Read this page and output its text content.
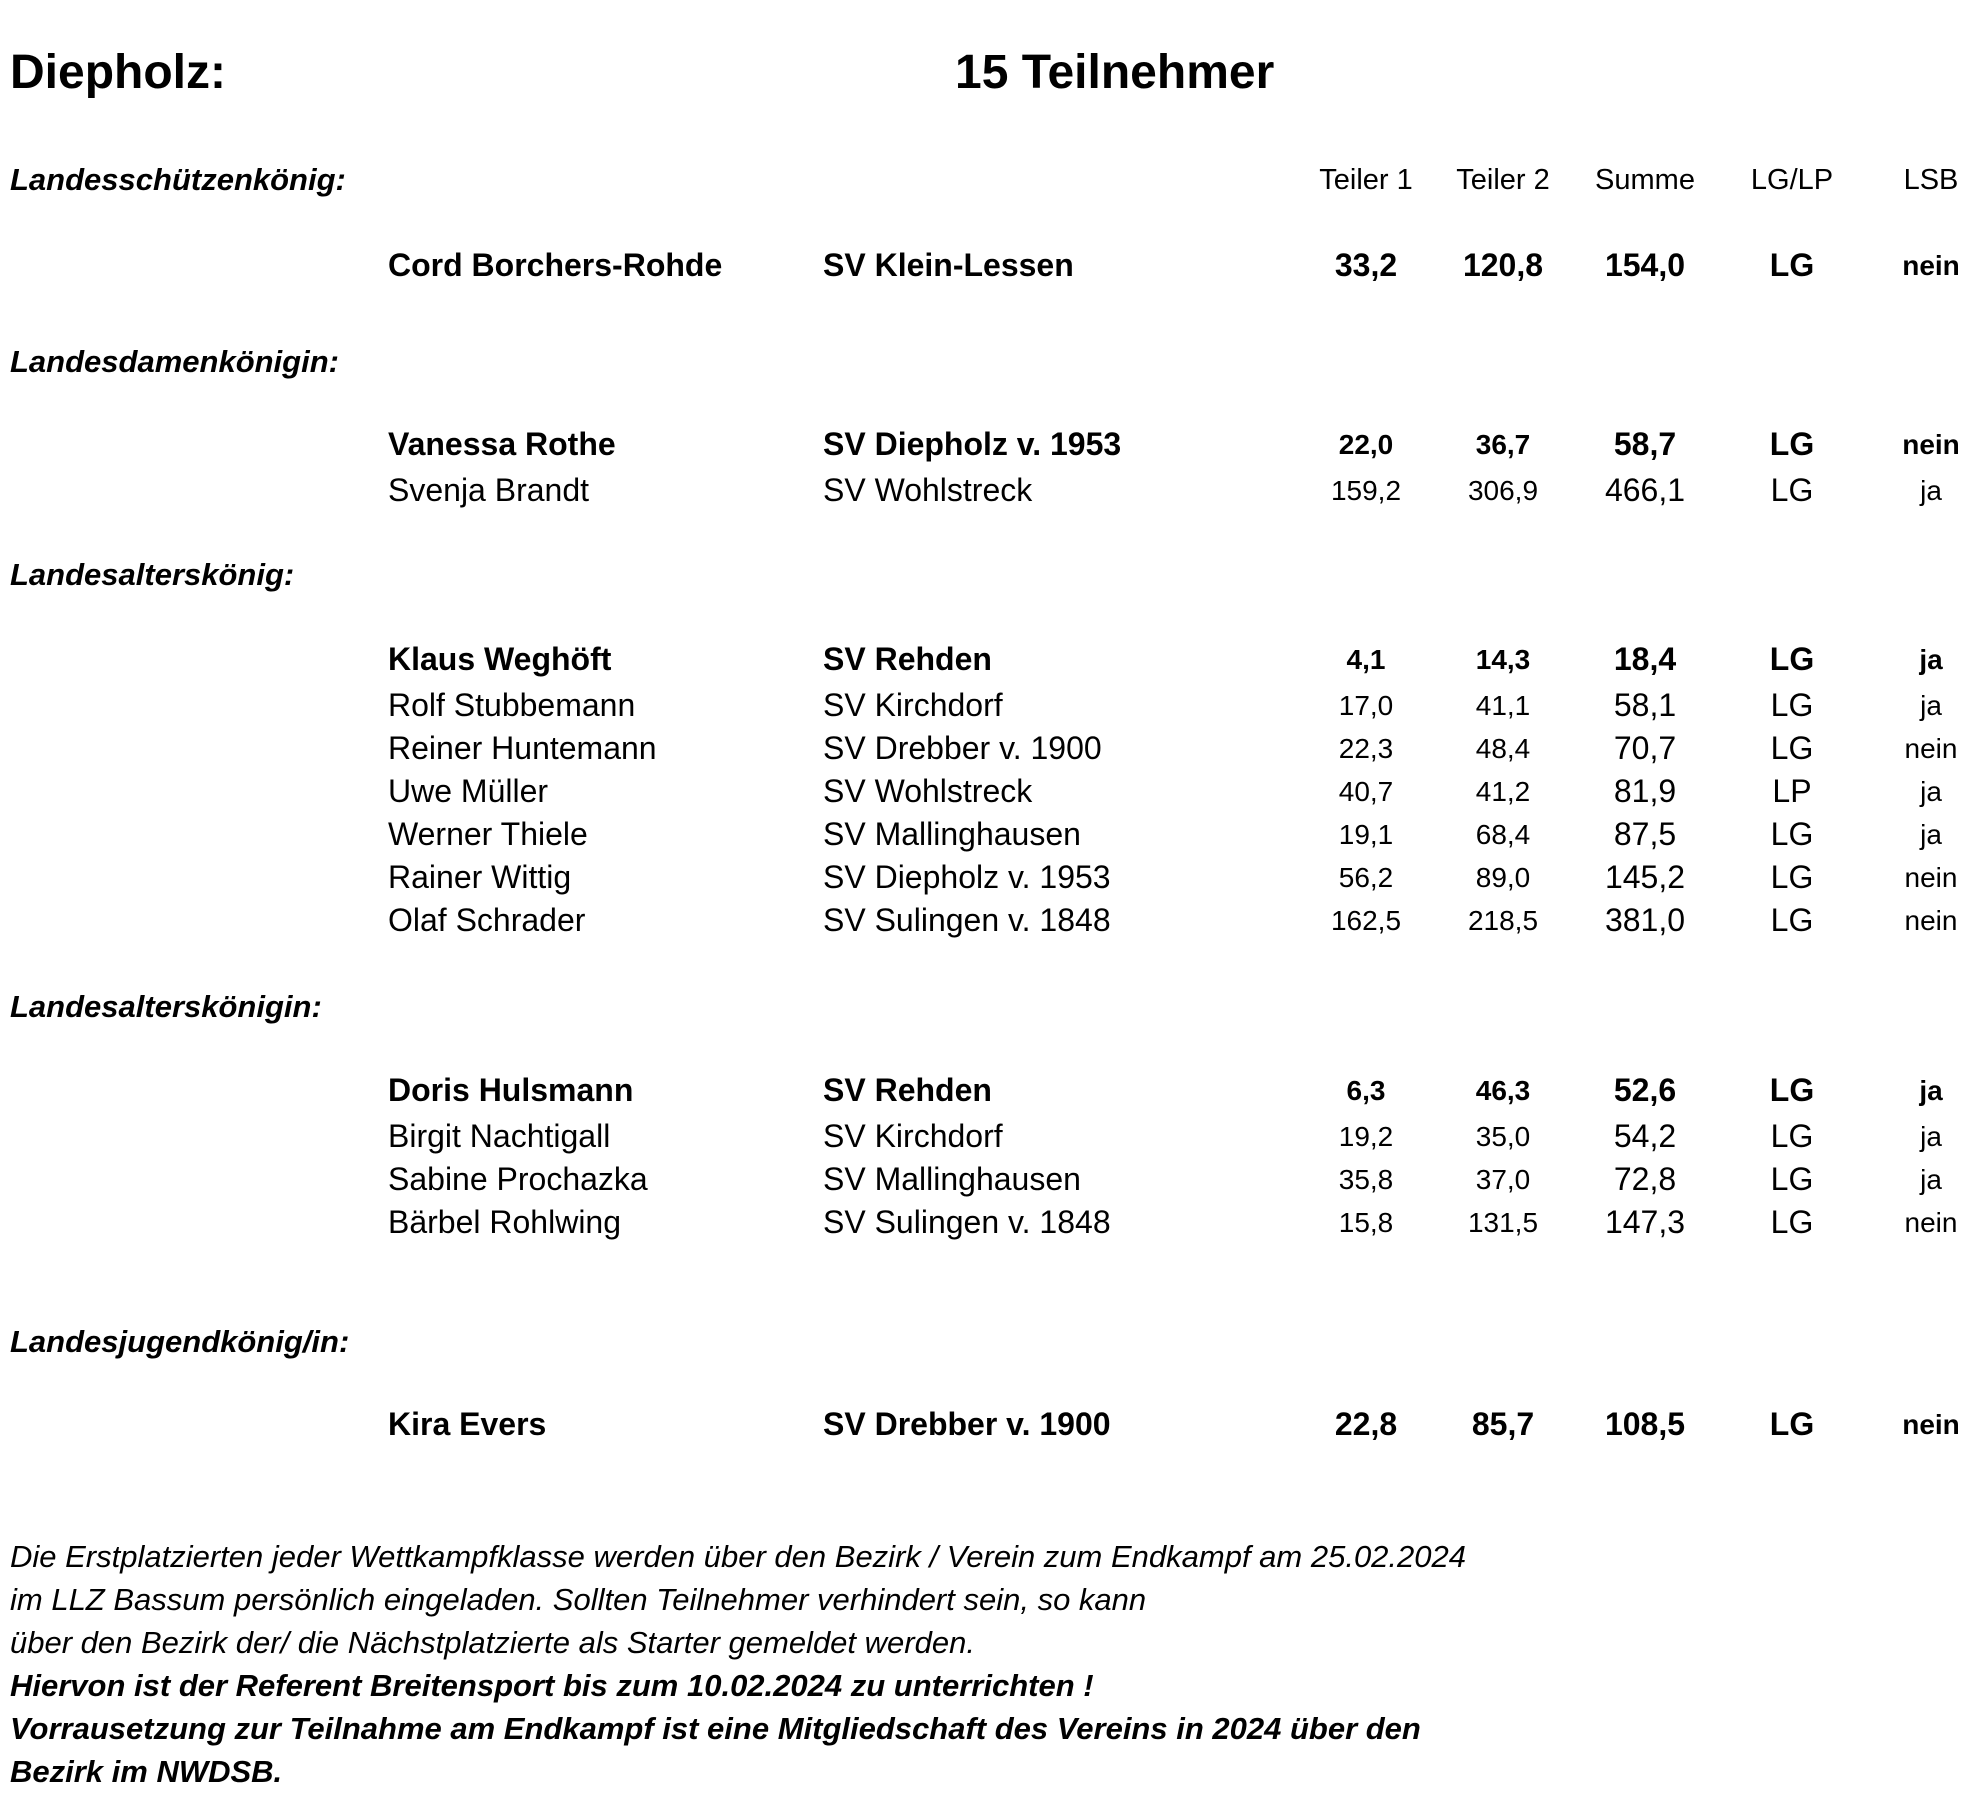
Diepholz:	15 Teilnehmer
Teiler 1	Teiler 2	Summe	LG/LP	LSB
Landesschützenkönig:
Cord Borchers-Rohde	SV Klein-Lessen	33,2	120,8	154,0	LG	nein
Landesdamenkönigin:
Vanessa Rothe	SV Diepholz v. 1953	22,0	36,7	58,7	LG	nein
Svenja Brandt	SV Wohlstreck	159,2	306,9	466,1	LG	ja
Landesalterskönig:
Klaus Weghöft	SV Rehden	4,1	14,3	18,4	LG	ja
Rolf Stubbemann	SV Kirchdorf	17,0	41,1	58,1	LG	ja
Reiner Huntemann	SV Drebber v. 1900	22,3	48,4	70,7	LG	nein
Uwe Müller	SV Wohlstreck	40,7	41,2	81,9	LP	ja
Werner Thiele	SV Mallinghausen	19,1	68,4	87,5	LG	ja
Rainer Wittig	SV Diepholz v. 1953	56,2	89,0	145,2	LG	nein
Olaf Schrader	SV Sulingen v. 1848	162,5	218,5	381,0	LG	nein
Landesalterskönigin:
Doris Hulsmann	SV Rehden	6,3	46,3	52,6	LG	ja
Birgit Nachtigall	SV Kirchdorf	19,2	35,0	54,2	LG	ja
Sabine Prochazka	SV Mallinghausen	35,8	37,0	72,8	LG	ja
Bärbel Rohlwing	SV Sulingen v. 1848	15,8	131,5	147,3	LG	nein
Landesjugendkönig/in:
Kira Evers	SV Drebber v. 1900	22,8	85,7	108,5	LG	nein
Die Erstplatzierten jeder Wettkampfklasse werden über den Bezirk / Verein zum Endkampf am 25.02.2024
im LLZ Bassum persönlich eingeladen. Sollten Teilnehmer verhindert sein, so kann
über den Bezirk der/ die Nächstplatzierte als Starter gemeldet werden.
Hiervon ist der Referent Breitensport bis zum 10.02.2024 zu unterrichten !
Vorrausetzung zur Teilnahme am Endkampf ist eine Mitgliedschaft des Vereins in 2024 über den
Bezirk im NWDSB.
